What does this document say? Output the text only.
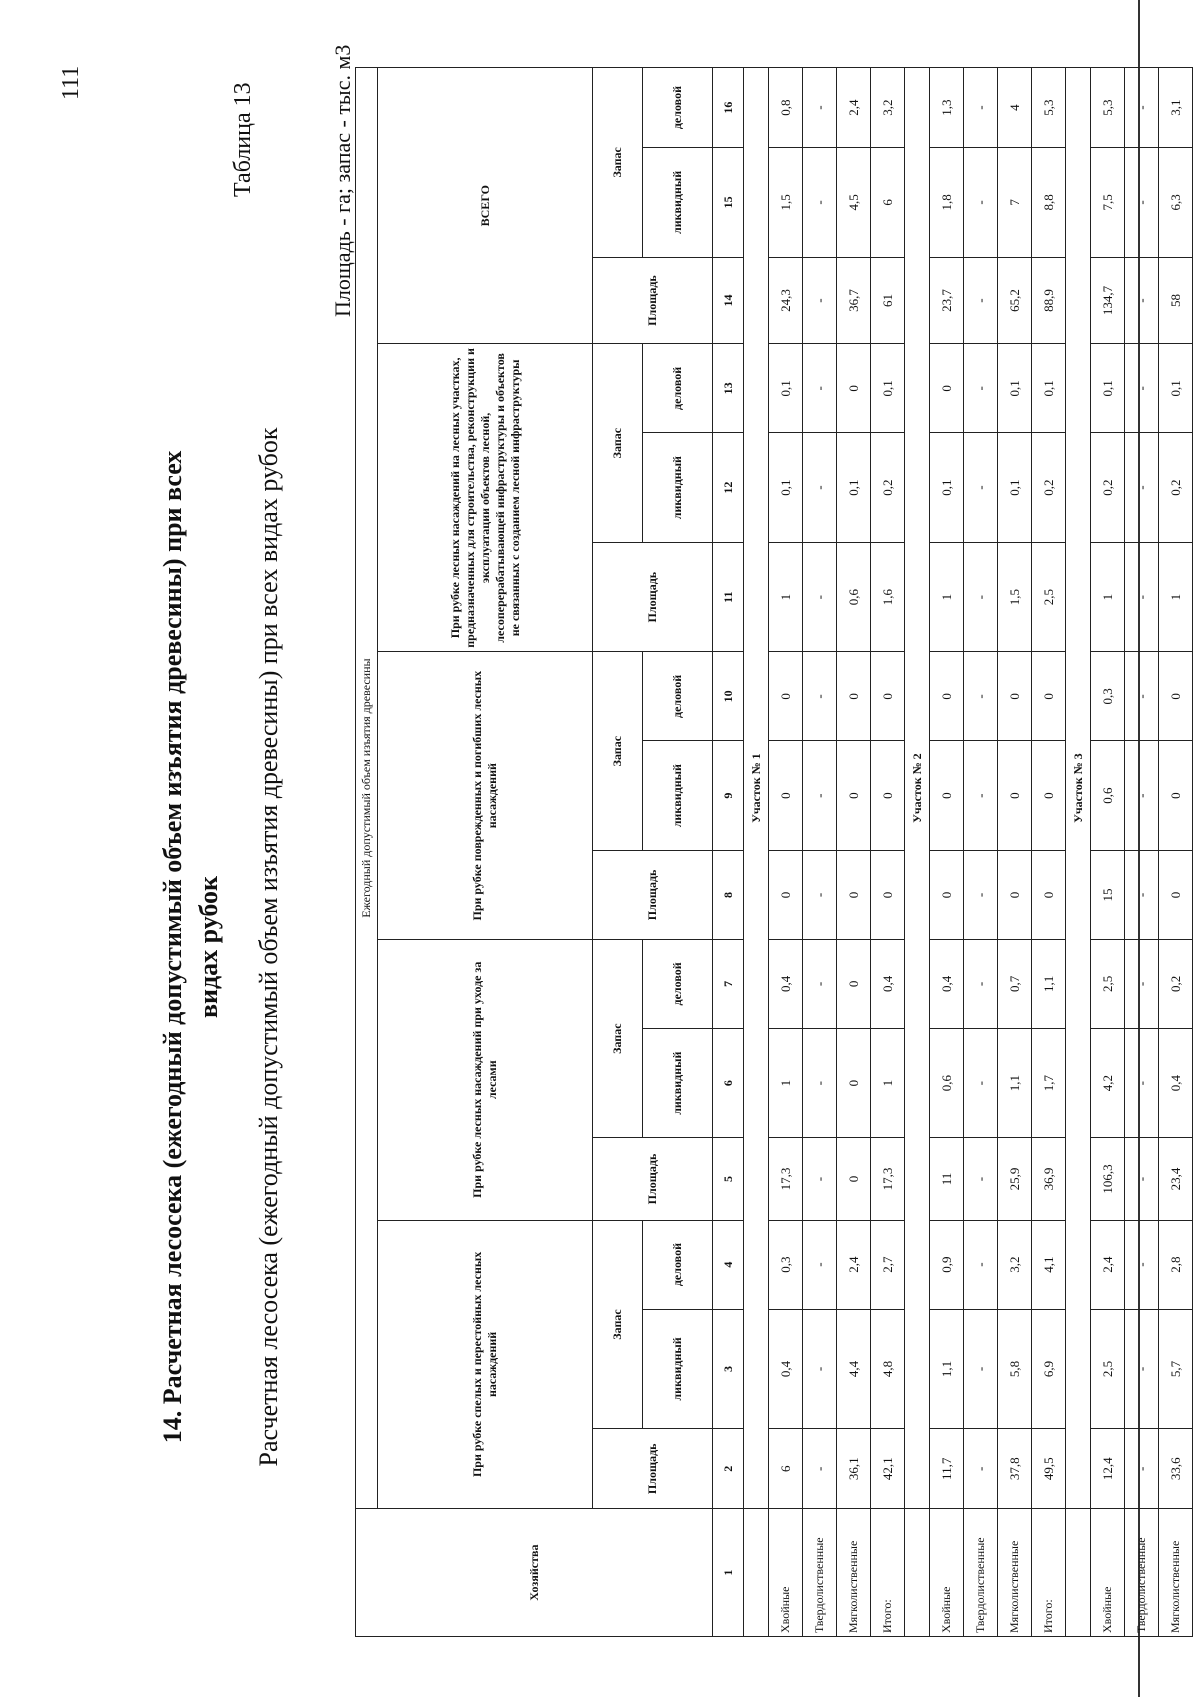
111
14. Расчетная лесосека (ежегодный допустимый объем изъятия древесины) при всех видах рубок Расчетная лесосека (ежегодный допустимый объем изъятия древесины) при всех видах рубок
Таблица 13	Площадь - га; запас - тыс. м3
Хозяйства	Ежегодный допустимый объем изъятия древесины														
	При рубке спелых и перестойных лесных насаждений			При рубке лесных насаждений при уходе за лесами			При рубке поврежденных и погибших лесных насаждений			При рубке лесных насаждений на лесных участках, предназначенных для строительства, реконструкции и эксплуатации объектов лесной, лесоперерабатывающей инфраструктуры и объектов не связанных с созданием лесной инфраструктуры			ВСЕГО		
	Площадь	Запас		Площадь	Запас		Площадь	Запас		Площадь	Запас		Площадь	Запас	
		ликвидный	деловой		ликвидный	деловой		ликвидный	деловой		ликвидный	деловой		ликвидный	деловой
1	2	3	4	5	6	7	8	9	10	11	12	13	14	15	16
	Участок № 1														
Хвойные	6	0,4	0,3	17,3	1	0,4	0	0	0	1	0,1	0,1	24,3	1,5	0,8
Твердолиственные	-	-	-	-	-	-	-	-	-	-	-	-	-	-	-
Мягколиственные	36,1	4,4	2,4	0	0	0	0	0	0	0,6	0,1	0	36,7	4,5	2,4
Итого:	42,1	4,8	2,7	17,3	1	0,4	0	0	0	1,6	0,2	0,1	61	6	3,2
	Участок № 2														
Хвойные	11,7	1,1	0,9	11	0,6	0,4	0	0	0	1	0,1	0	23,7	1,8	1,3
Твердолиственные	-	-	-	-	-	-	-	-	-	-	-	-	-	-	-
Мягколиственные	37,8	5,8	3,2	25,9	1,1	0,7	0	0	0	1,5	0,1	0,1	65,2	7	4
Итого:	49,5	6,9	4,1	36,9	1,7	1,1	0	0	0	2,5	0,2	0,1	88,9	8,8	5,3
	Участок № 3														
Хвойные	12,4	2,5	2,4	106,3	4,2	2,5	15	0,6	0,3	1	0,2	0,1	134,7	7,5	5,3
Твердолиственные	-	-	-	-	-	-	-	-	-	-	-	-	-	-	-
Мягколиственные	33,6	5,7	2,8	23,4	0,4	0,2	0	0	0	1	0,2	0,1	58	6,3	3,1
